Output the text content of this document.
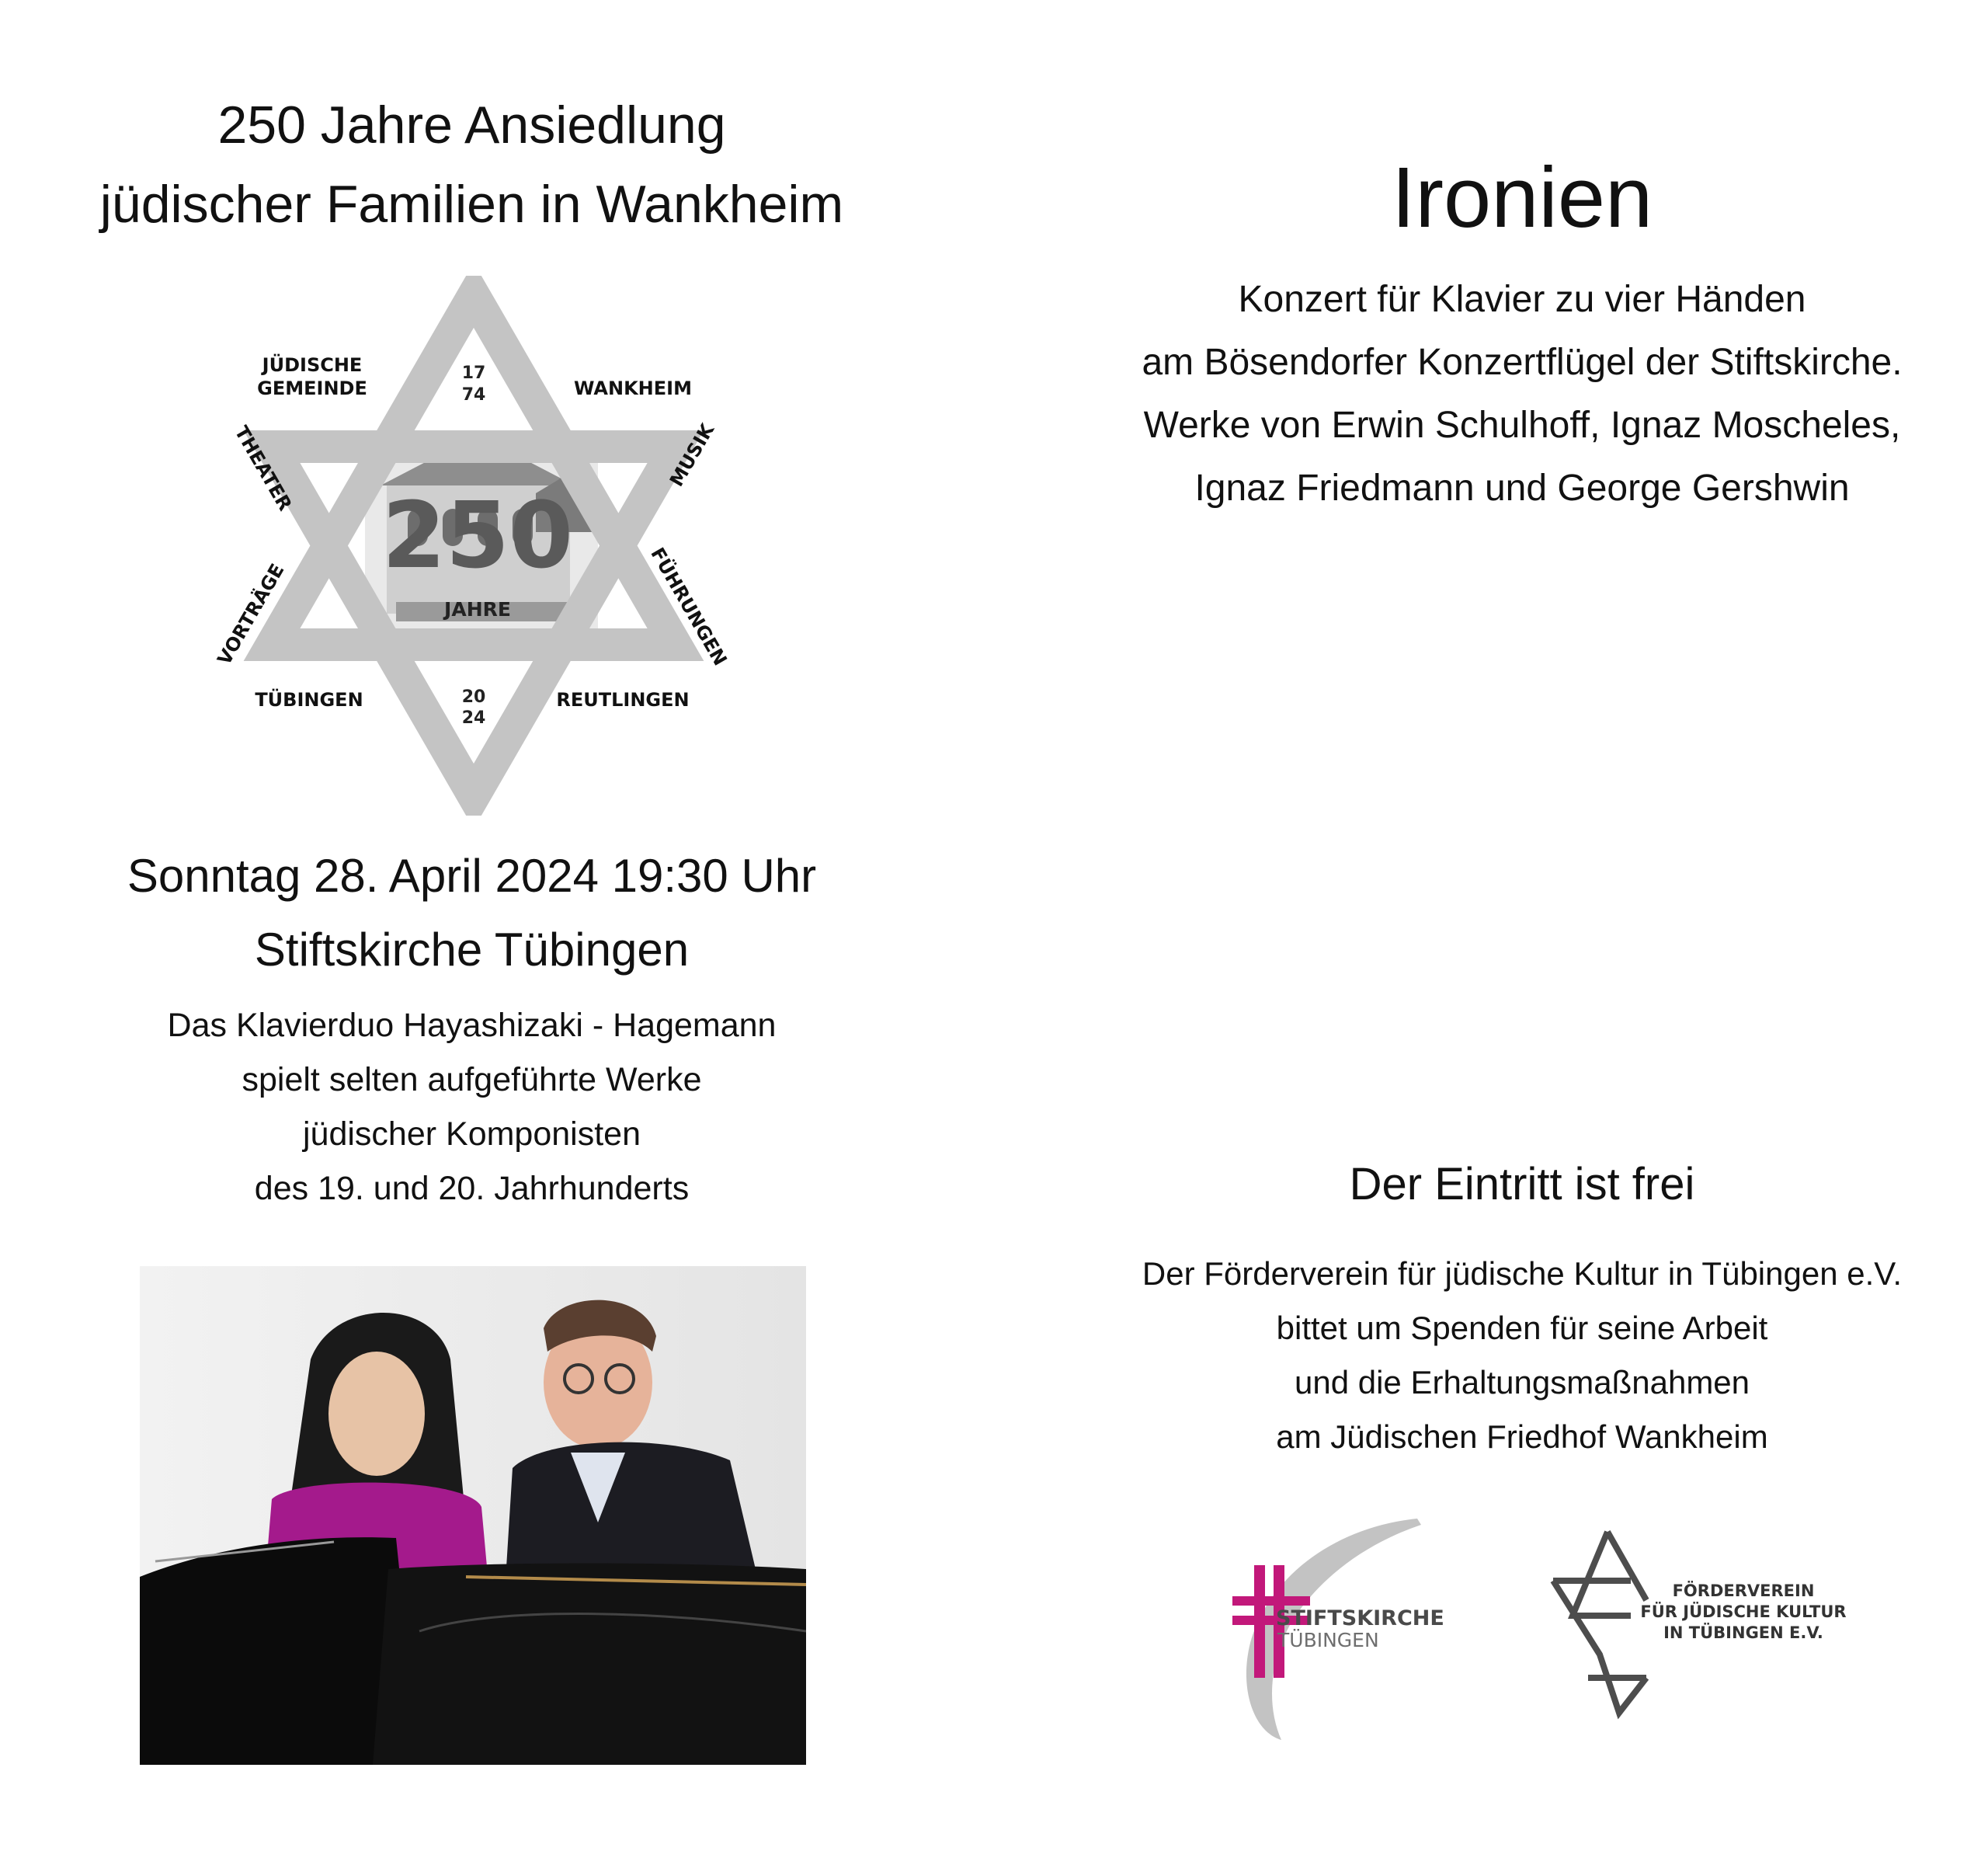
250 Jahre Ansiedlung
jüdischer Familien in Wankheim
250
JAHRE
17
74
20
24
JÜDISCHE
GEMEINDE	WANKHEIM
TÜBINGEN	REUTLINGEN
THEATER	MUSIK
VORTRÄGE	FÜHRUNGEN
Sonntag 28. April 2024 19:30 Uhr
Stiftskirche Tübingen
Das Klavierduo Hayashizaki - Hagemann
spielt selten aufgeführte Werke
jüdischer Komponisten
des 19. und 20. Jahrhunderts
Ironien
Konzert für Klavier zu vier Händen
am Bösendorfer Konzertflügel der Stiftskirche.
Werke von Erwin Schulhoff, Ignaz Moscheles,
Ignaz Friedmann und George Gershwin
Der Eintritt ist frei
Der Förderverein für jüdische Kultur in Tübingen e.V.
bittet um Spenden für seine Arbeit
und die Erhaltungsmaßnahmen
am Jüdischen Friedhof Wankheim
STIFTSKIRCHE
TÜBINGEN
FÖRDERVEREIN
FÜR JÜDISCHE KULTUR
IN TÜBINGEN E.V.
